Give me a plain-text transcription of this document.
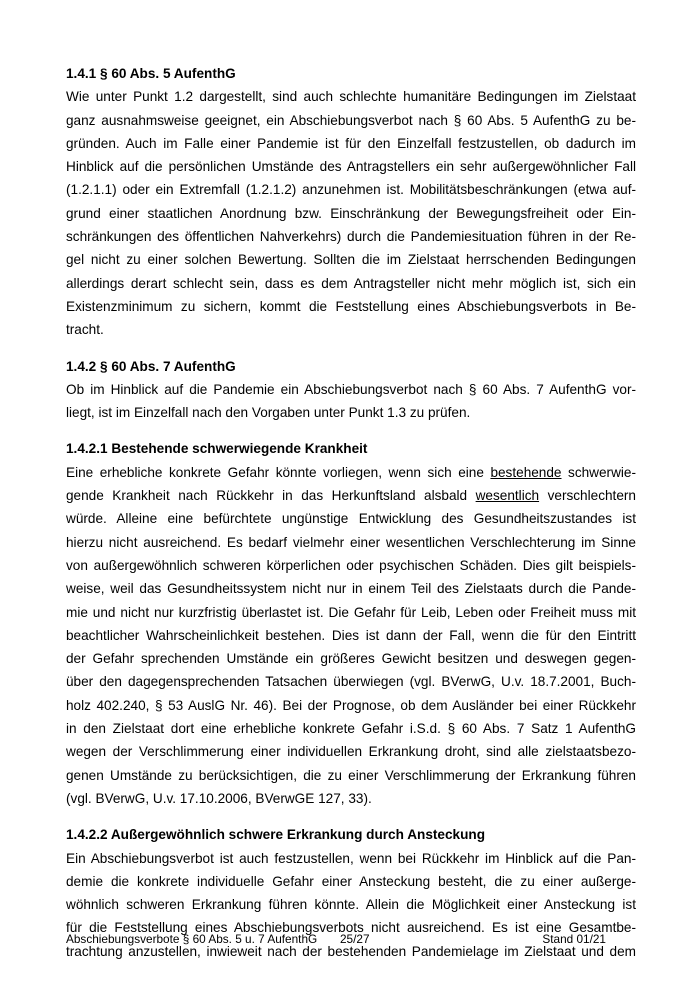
1.4.1 § 60 Abs. 5 AufenthG
Wie unter Punkt 1.2 dargestellt, sind auch schlechte humanitäre Bedingungen im Zielstaat
ganz ausnahmsweise geeignet, ein Abschiebungsverbot nach § 60 Abs. 5 AufenthG zu be-
gründen. Auch im Falle einer Pandemie ist für den Einzelfall festzustellen, ob dadurch im
Hinblick auf die persönlichen Umstände des Antragstellers ein sehr außergewöhnlicher Fall
(1.2.1.1) oder ein Extremfall (1.2.1.2) anzunehmen ist. Mobilitätsbeschränkungen (etwa auf-
grund einer staatlichen Anordnung bzw. Einschränkung der Bewegungsfreiheit oder Ein-
schränkungen des öffentlichen Nahverkehrs) durch die Pandemiesituation führen in der Re-
gel nicht zu einer solchen Bewertung. Sollten die im Zielstaat herrschenden Bedingungen
allerdings derart schlecht sein, dass es dem Antragsteller nicht mehr möglich ist, sich ein
Existenzminimum zu sichern, kommt die Feststellung eines Abschiebungsverbots in Be-
tracht.
1.4.2 § 60 Abs. 7 AufenthG
Ob im Hinblick auf die Pandemie ein Abschiebungsverbot nach § 60 Abs. 7 AufenthG vor-
liegt, ist im Einzelfall nach den Vorgaben unter Punkt 1.3 zu prüfen.
1.4.2.1 Bestehende schwerwiegende Krankheit
Eine erhebliche konkrete Gefahr könnte vorliegen, wenn sich eine bestehende schwerwie-
gende Krankheit nach Rückkehr in das Herkunftsland alsbald wesentlich verschlechtern
würde. Alleine eine befürchtete ungünstige Entwicklung des Gesundheitszustandes ist
hierzu nicht ausreichend. Es bedarf vielmehr einer wesentlichen Verschlechterung im Sinne
von außergewöhnlich schweren körperlichen oder psychischen Schäden. Dies gilt beispiels-
weise, weil das Gesundheitssystem nicht nur in einem Teil des Zielstaats durch die Pande-
mie und nicht nur kurzfristig überlastet ist. Die Gefahr für Leib, Leben oder Freiheit muss mit
beachtlicher Wahrscheinlichkeit bestehen. Dies ist dann der Fall, wenn die für den Eintritt
der Gefahr sprechenden Umstände ein größeres Gewicht besitzen und deswegen gegen-
über den dagegensprechenden Tatsachen überwiegen (vgl. BVerwG, U.v. 18.7.2001, Buch-
holz 402.240, § 53 AuslG Nr. 46). Bei der Prognose, ob dem Ausländer bei einer Rückkehr
in den Zielstaat dort eine erhebliche konkrete Gefahr i.S.d. § 60 Abs. 7 Satz 1 AufenthG
wegen der Verschlimmerung einer individuellen Erkrankung droht, sind alle zielstaatsbezo-
genen Umstände zu berücksichtigen, die zu einer Verschlimmerung der Erkrankung führen
(vgl. BVerwG, U.v. 17.10.2006, BVerwGE 127, 33).
1.4.2.2 Außergewöhnlich schwere Erkrankung durch Ansteckung
Ein Abschiebungsverbot ist auch festzustellen, wenn bei Rückkehr im Hinblick auf die Pan-
demie die konkrete individuelle Gefahr einer Ansteckung besteht, die zu einer außerge-
wöhnlich schweren Erkrankung führen könnte. Allein die Möglichkeit einer Ansteckung ist
für die Feststellung eines Abschiebungsverbots nicht ausreichend. Es ist eine Gesamtbe-
trachtung anzustellen, inwieweit nach der bestehenden Pandemielage im Zielstaat und dem
Abschiebungsverbote § 60 Abs. 5 u. 7 AufenthG 25/27	Stand 01/21
